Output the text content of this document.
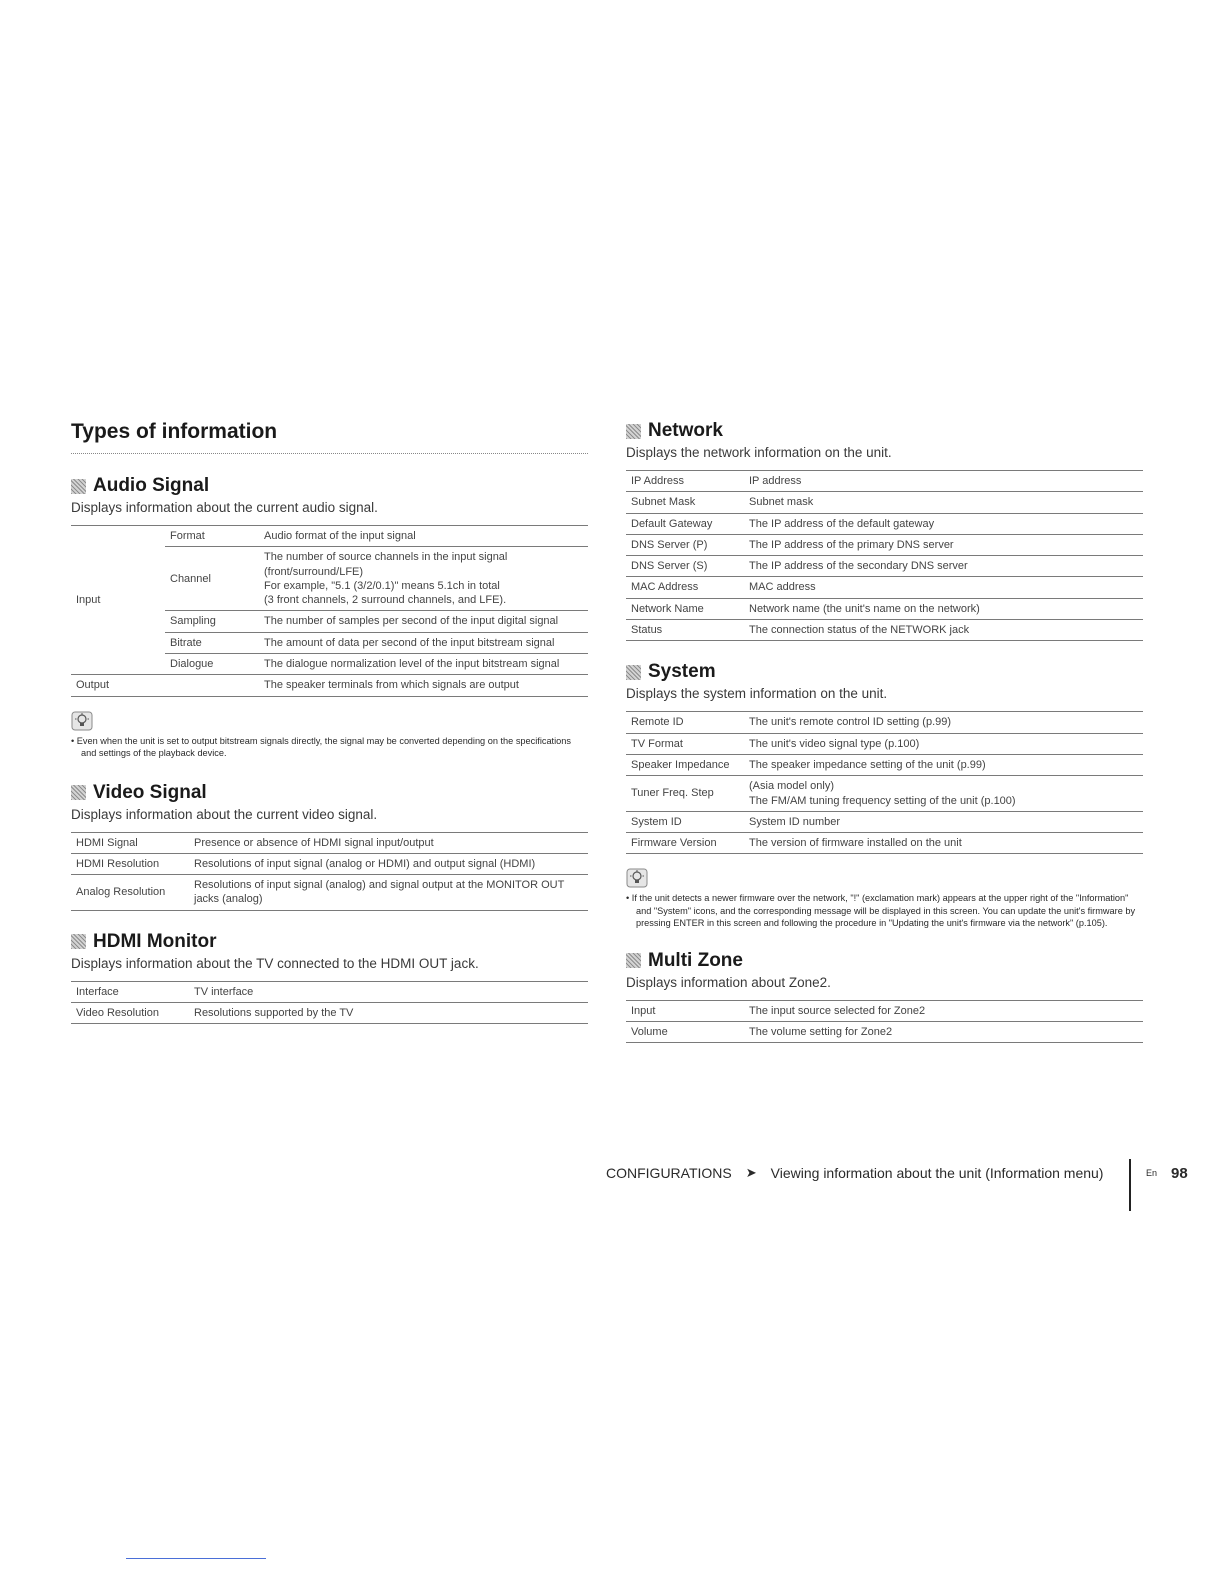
Types of information
Audio Signal

Displays information about the current audio signal.

Input	Format	Audio format of the input signal
	Channel	The number of source channels in the input signal
(front/surround/LFE)
For example, "5.1 (3/2/0.1)" means 5.1ch in total
(3 front channels, 2 surround channels, and LFE).

	Sampling	The number of samples per second of the input digital signal
	Bitrate	The amount of data per second of the input bitstream signal
	Dialogue	The dialogue normalization level of the input bitstream signal
Output		The speaker terminals from which signals are output
• Even when the unit is set to output bitstream signals directly, the signal may be converted depending on the specifications and settings of the playback device.
Video Signal

Displays information about the current video signal.

HDMI Signal	Presence or absence of HDMI signal input/output
HDMI Resolution	Resolutions of input signal (analog or HDMI) and output signal (HDMI)
Analog Resolution	Resolutions of input signal (analog) and signal output at the MONITOR OUT jacks (analog)
HDMI Monitor

Displays information about the TV connected to the HDMI OUT jack.

Interface	TV interface
Video Resolution	Resolutions supported by the TV
Network

Displays the network information on the unit.

IP Address	IP address
Subnet Mask	Subnet mask
Default Gateway	The IP address of the default gateway
DNS Server (P)	The IP address of the primary DNS server
DNS Server (S)	The IP address of the secondary DNS server
MAC Address	MAC address
Network Name	Network name (the unit's name on the network)
Status	The connection status of the NETWORK jack
System

Displays the system information on the unit.

Remote ID	The unit's remote control ID setting (p.99)
TV Format	The unit's video signal type (p.100)
Speaker Impedance	The speaker impedance setting of the unit (p.99)
Tuner Freq. Step	(Asia model only)
The FM/AM tuning frequency setting of the unit (p.100)

System ID	System ID number
Firmware Version	The version of firmware installed on the unit
• If the unit detects a newer firmware over the network, "!" (exclamation mark) appears at the upper right of the "Information" and "System" icons, and the corresponding message will be displayed in this screen. You can update the unit's firmware by pressing ENTER in this screen and following the procedure in "Updating the unit's firmware via the network" (p.105).
Multi Zone

Displays information about Zone2.

Input	The input source selected for Zone2
Volume	The volume setting for Zone2
CONFIGURATIONS ➤ Viewing information about the unit (Information menu)	En 98
